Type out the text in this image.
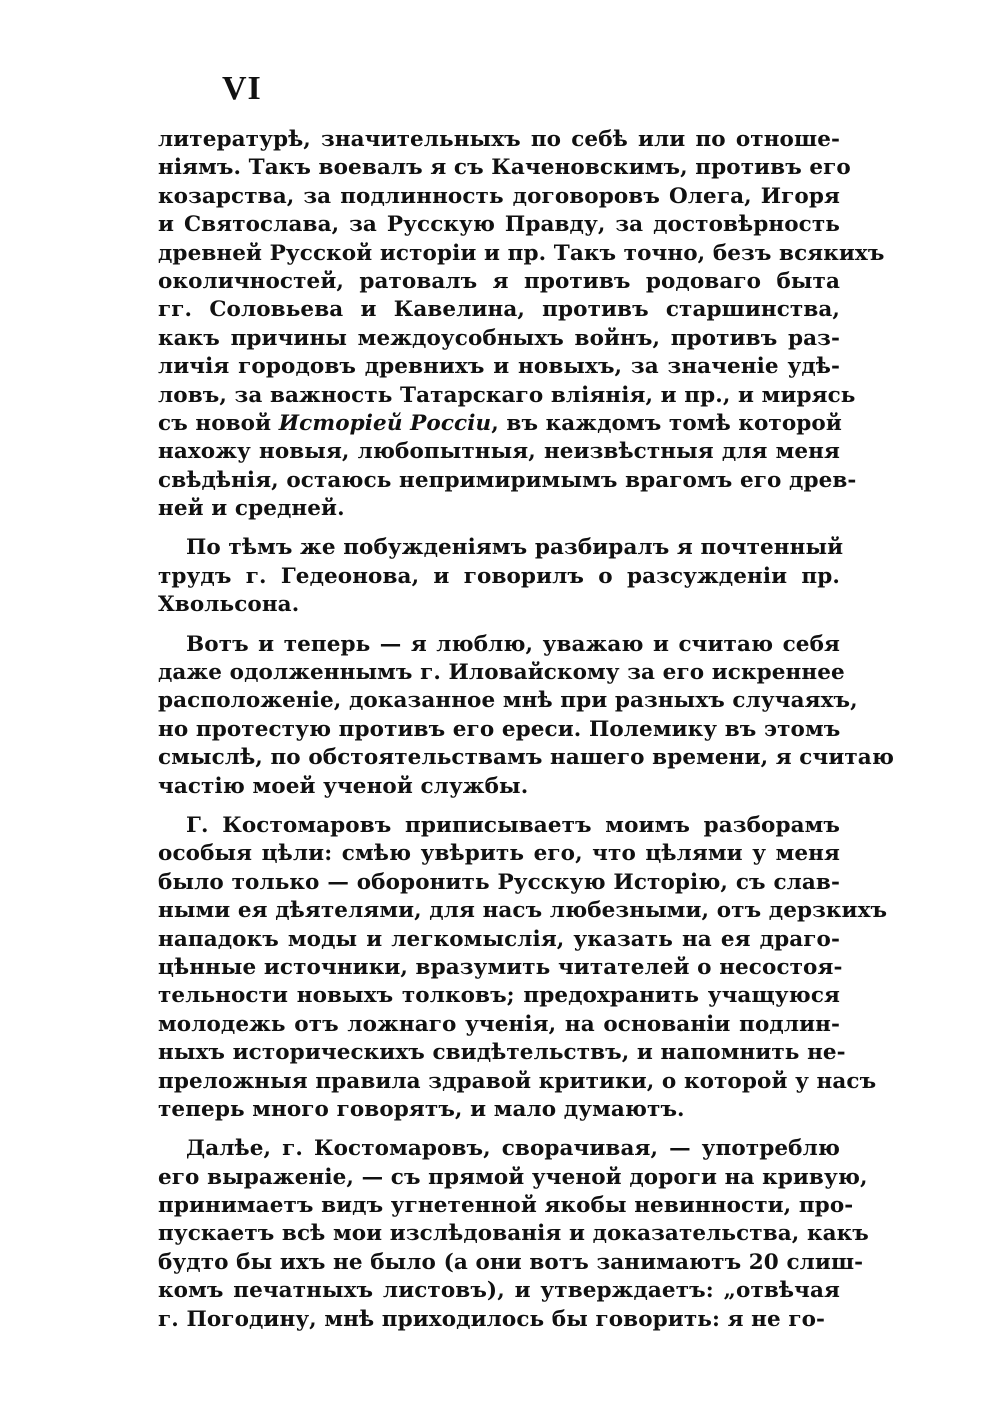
VI
литературѣ, значительныхъ по себѣ или по отноше-
ніямъ. Такъ воевалъ я съ Каченовскимъ, противъ его
козарства, за подлинность договоровъ Олега, Игоря
и Святослава, за Русскую Правду, за достовѣрность
древней Русской исторіи и пр. Такъ точно, безъ всякихъ
околичностей, ратовалъ я противъ родоваго быта
гг. Соловьева и Кавелина, противъ старшинства,
какъ причины междоусобныхъ войнъ, противъ раз-
личія городовъ древнихъ и новыхъ, за значеніе удѣ-
ловъ, за важность Татарскаго вліянія, и пр., и мирясь
съ новой Исторіей Россіи, въ каждомъ томѣ которой
нахожу новыя, любопытныя, неизвѣстныя для меня
свѣдѣнія, остаюсь непримиримымъ врагомъ его древ-
ней и средней.
По тѣмъ же побужденіямъ разбиралъ я почтенный
трудъ г. Гедеонова, и говорилъ о разсужденіи пр.
Хвольсона.
Вотъ и теперь — я люблю, уважаю и считаю себя
даже одолженнымъ г. Иловайскому за его искреннее
расположеніе, доказанное мнѣ при разныхъ случаяхъ,
но протестую противъ его ереси. Полемику въ этомъ
смыслѣ, по обстоятельствамъ нашего времени, я считаю
частію моей ученой службы.
Г. Костомаровъ приписываетъ моимъ разборамъ
особыя цѣли: смѣю увѣрить его, что цѣлями у меня
было только — оборонить Русскую Исторію, съ слав-
ными ея дѣятелями, для насъ любезными, отъ дерзкихъ
нападокъ моды и легкомыслія, указать на ея драго-
цѣнные источники, вразумить читателей о несостоя-
тельности новыхъ толковъ; предохранить учащуюся
молодежь отъ ложнаго ученія, на основаніи подлин-
ныхъ историческихъ свидѣтельствъ, и напомнить не-
преложныя правила здравой критики, о которой у насъ
теперь много говорятъ, и мало думаютъ.
Далѣе, г. Костомаровъ, сворачивая, — употреблю
его выраженіе, — съ прямой ученой дороги на кривую,
принимаетъ видъ угнетенной якобы невинности, про-
пускаетъ всѣ мои изслѣдованія и доказательства, какъ
будто бы ихъ не было (а они вотъ занимаютъ 20 слиш-
комъ печатныхъ листовъ), и утверждаетъ: „отвѣчая
г. Погодину, мнѣ приходилось бы говорить: я не го-
